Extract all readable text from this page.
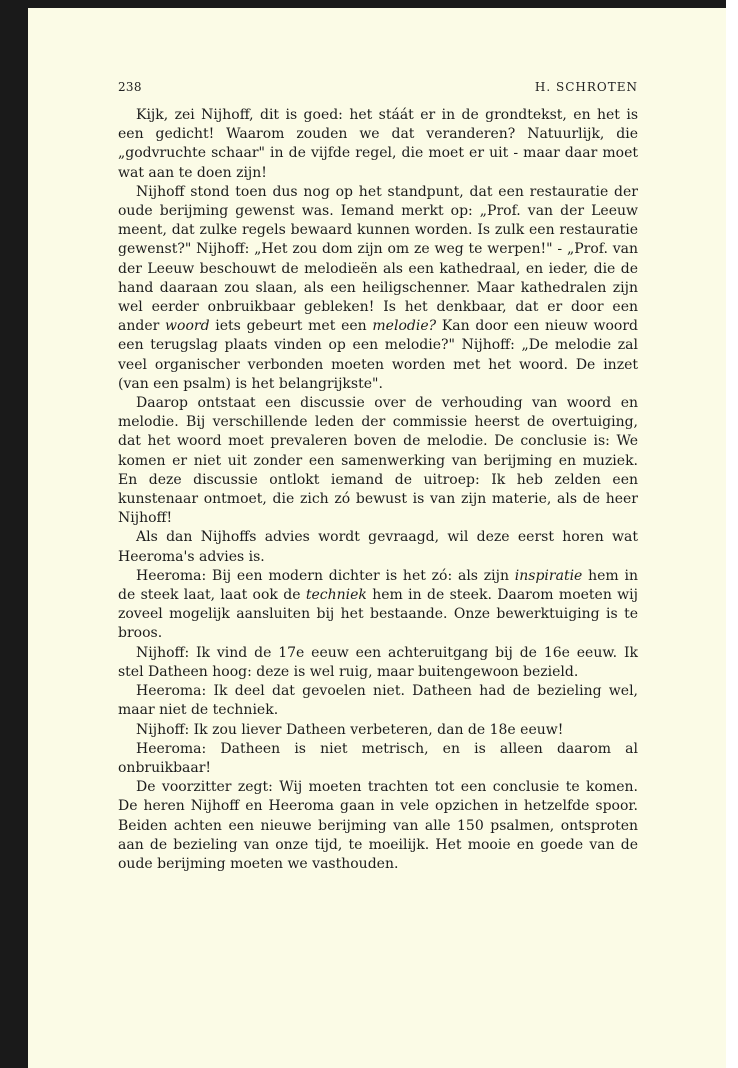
238	H. SCHROTEN

Kijk, zei Nijhoff, dit is goed: het stáát er in de grondtekst, en het is een gedicht! Waarom zouden we dat veranderen? Natuurlijk, die „godvruchte schaar" in de vijfde regel, die moet er uit - maar daar moet wat aan te doen zijn!

Nijhoff stond toen dus nog op het standpunt, dat een restauratie der oude berijming gewenst was. Iemand merkt op: „Prof. van der Leeuw meent, dat zulke regels bewaard kunnen worden. Is zulk een restauratie gewenst?" Nijhoff: „Het zou dom zijn om ze weg te werpen!" - „Prof. van der Leeuw beschouwt de melodieën als een kathedraal, en ieder, die de hand daaraan zou slaan, als een heiligschenner. Maar kathedralen zijn wel eerder onbruikbaar gebleken! Is het denkbaar, dat er door een ander woord iets gebeurt met een melodie? Kan door een nieuw woord een terugslag plaats vinden op een melodie?" Nijhoff: „De melodie zal veel organischer verbonden moeten worden met het woord. De inzet (van een psalm) is het belangrijkste".

Daarop ontstaat een discussie over de verhouding van woord en melodie. Bij verschillende leden der commissie heerst de overtuiging, dat het woord moet prevaleren boven de melodie. De conclusie is: We komen er niet uit zonder een samenwerking van berijming en muziek. En deze discussie ontlokt iemand de uitroep: Ik heb zelden een kunstenaar ontmoet, die zich zó bewust is van zijn materie, als de heer Nijhoff!

Als dan Nijhoffs advies wordt gevraagd, wil deze eerst horen wat Heeroma's advies is.

Heeroma: Bij een modern dichter is het zó: als zijn inspiratie hem in de steek laat, laat ook de techniek hem in de steek. Daarom moeten wij zoveel mogelijk aansluiten bij het bestaande. Onze bewerktuiging is te broos.

Nijhoff: Ik vind de 17e eeuw een achteruitgang bij de 16e eeuw. Ik stel Datheen hoog: deze is wel ruig, maar buitengewoon bezield.

Heeroma: Ik deel dat gevoelen niet. Datheen had de bezieling wel, maar niet de techniek.

Nijhoff: Ik zou liever Datheen verbeteren, dan de 18e eeuw!

Heeroma: Datheen is niet metrisch, en is alleen daarom al onbruikbaar!

De voorzitter zegt: Wij moeten trachten tot een conclusie te komen. De heren Nijhoff en Heeroma gaan in vele opzichen in hetzelfde spoor. Beiden achten een nieuwe berijming van alle 150 psalmen, ontsproten aan de bezieling van onze tijd, te moeilijk. Het mooie en goede van de oude berijming moeten we vasthouden.
